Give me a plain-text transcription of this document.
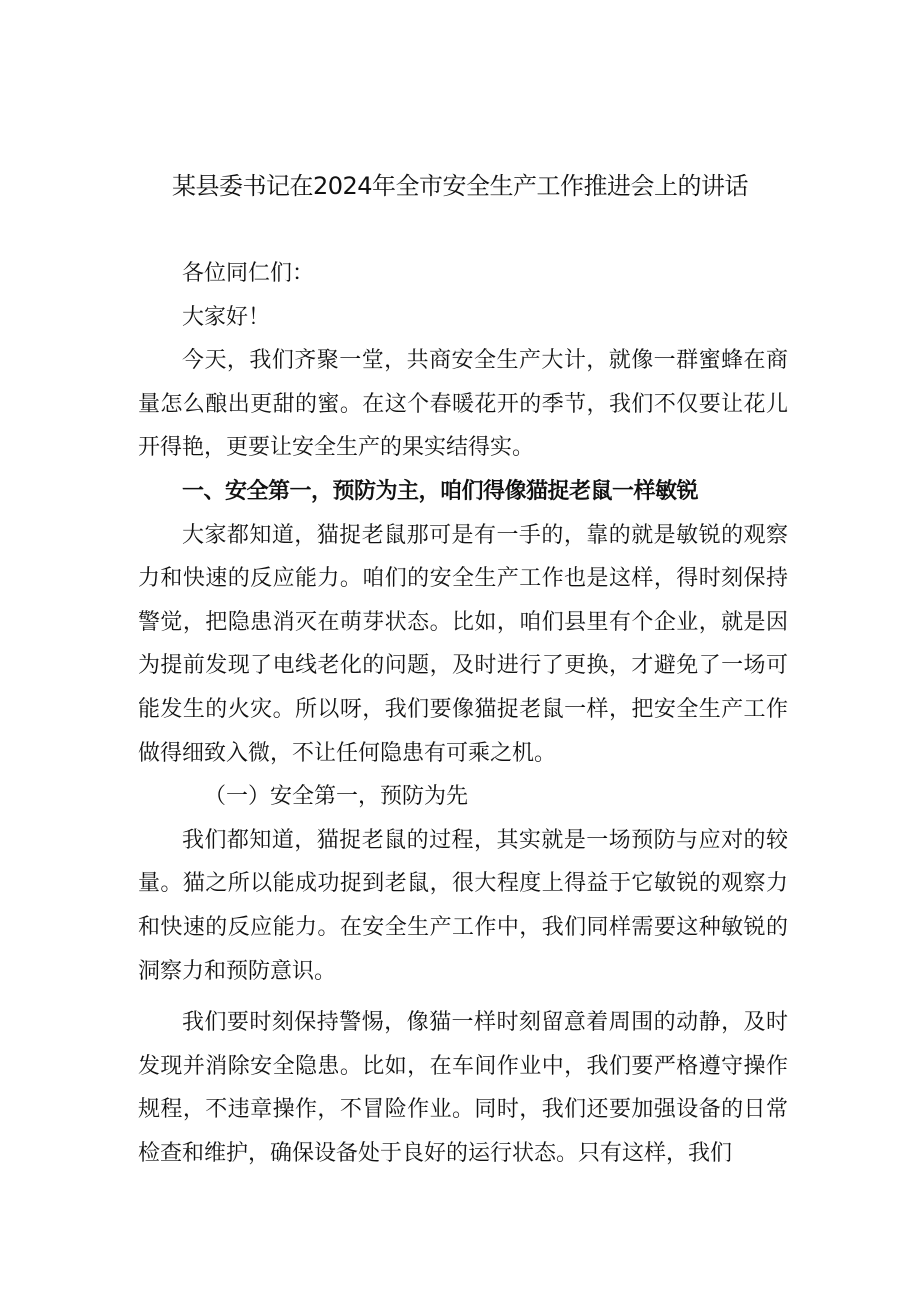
某县委书记在2024年全市安全生产工作推进会上的讲话

各位同仁们：

大家好！

今天，我们齐聚一堂，共商安全生产大计，就像一群蜜蜂在商量怎么酿出更甜的蜜。在这个春暖花开的季节，我们不仅要让花儿开得艳，更要让安全生产的果实结得实。

一、安全第一，预防为主，咱们得像猫捉老鼠一样敏锐

大家都知道，猫捉老鼠那可是有一手的，靠的就是敏锐的观察力和快速的反应能力。咱们的安全生产工作也是这样，得时刻保持警觉，把隐患消灭在萌芽状态。比如，咱们县里有个企业，就是因为提前发现了电线老化的问题，及时进行了更换，才避免了一场可能发生的火灾。所以呀，我们要像猫捉老鼠一样，把安全生产工作做得细致入微，不让任何隐患有可乘之机。

（一）安全第一，预防为先

我们都知道，猫捉老鼠的过程，其实就是一场预防与应对的较量。猫之所以能成功捉到老鼠，很大程度上得益于它敏锐的观察力和快速的反应能力。在安全生产工作中，我们同样需要这种敏锐的洞察力和预防意识。

我们要时刻保持警惕，像猫一样时刻留意着周围的动静，及时发现并消除安全隐患。比如，在车间作业中，我们要严格遵守操作规程，不违章操作，不冒险作业。同时，我们还要加强设备的日常检查和维护，确保设备处于良好的运行状态。只有这样，我们
